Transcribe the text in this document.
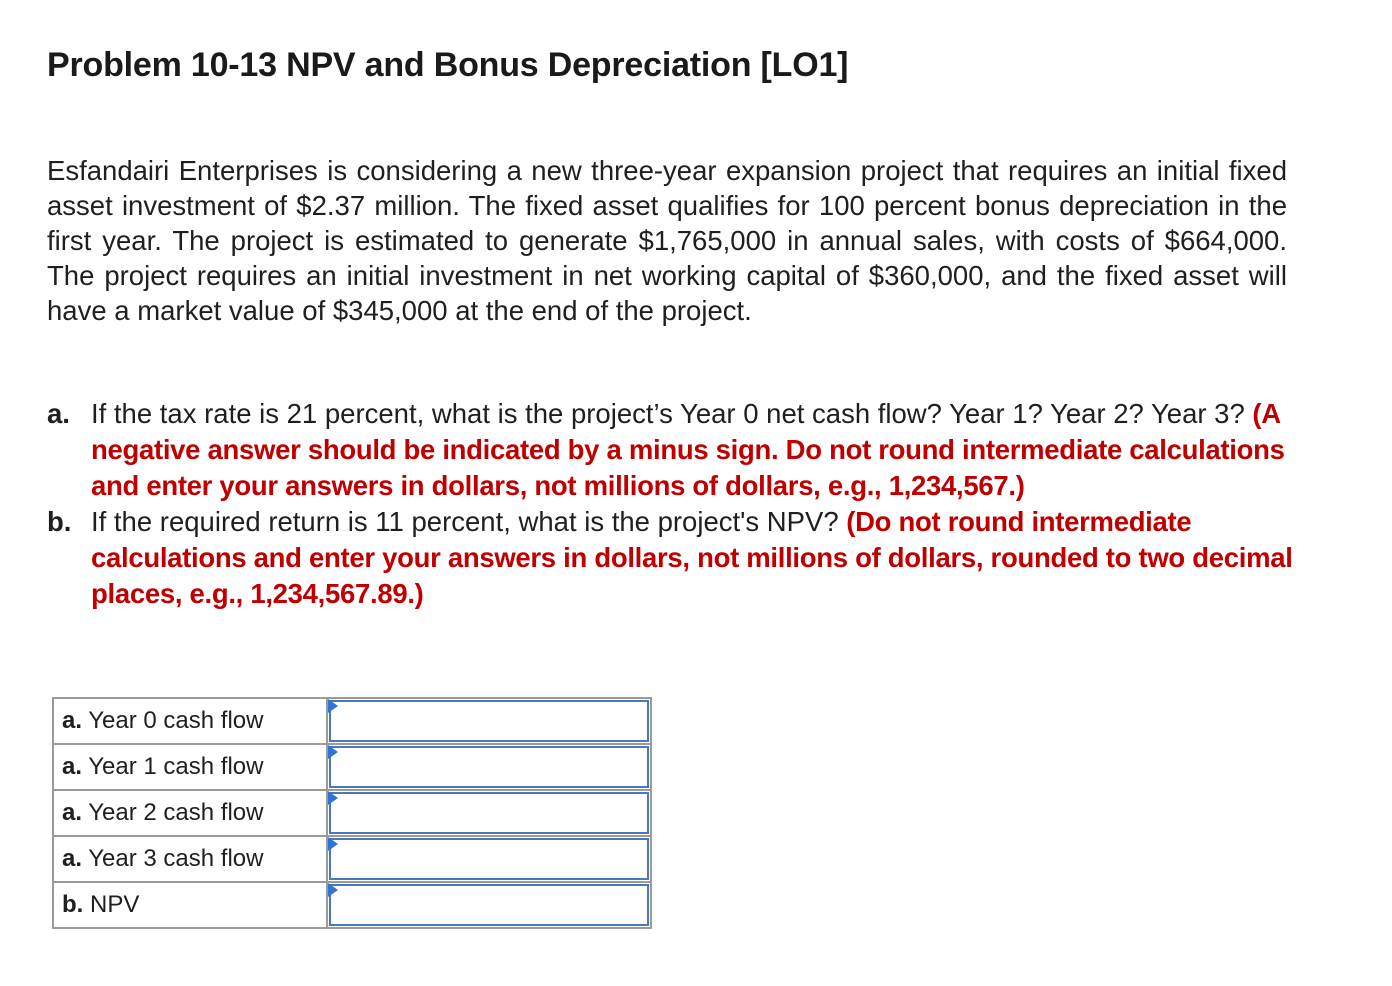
Problem 10-13 NPV and Bonus Depreciation [LO1]

Esfandairi Enterprises is considering a new three-year expansion project that requires an initial fixed asset investment of $2.37 million. The fixed asset qualifies for 100 percent bonus depreciation in the first year. The project is estimated to generate $1,765,000 in annual sales, with costs of $664,000. The project requires an initial investment in net working capital of $360,000, and the fixed asset will have a market value of $345,000 at the end of the project.

a. If the tax rate is 21 percent, what is the project’s Year 0 net cash flow? Year 1? Year 2? Year 3? (A negative answer should be indicated by a minus sign. Do not round intermediate calculations and enter your answers in dollars, not millions of dollars, e.g., 1,234,567.)
b. If the required return is 11 percent, what is the project's NPV? (Do not round intermediate calculations and enter your answers in dollars, not millions of dollars, rounded to two decimal places, e.g., 1,234,567.89.)
a. Year 0 cash flow	

a. Year 1 cash flow	

a. Year 2 cash flow	

a. Year 3 cash flow	

b. NPV	
